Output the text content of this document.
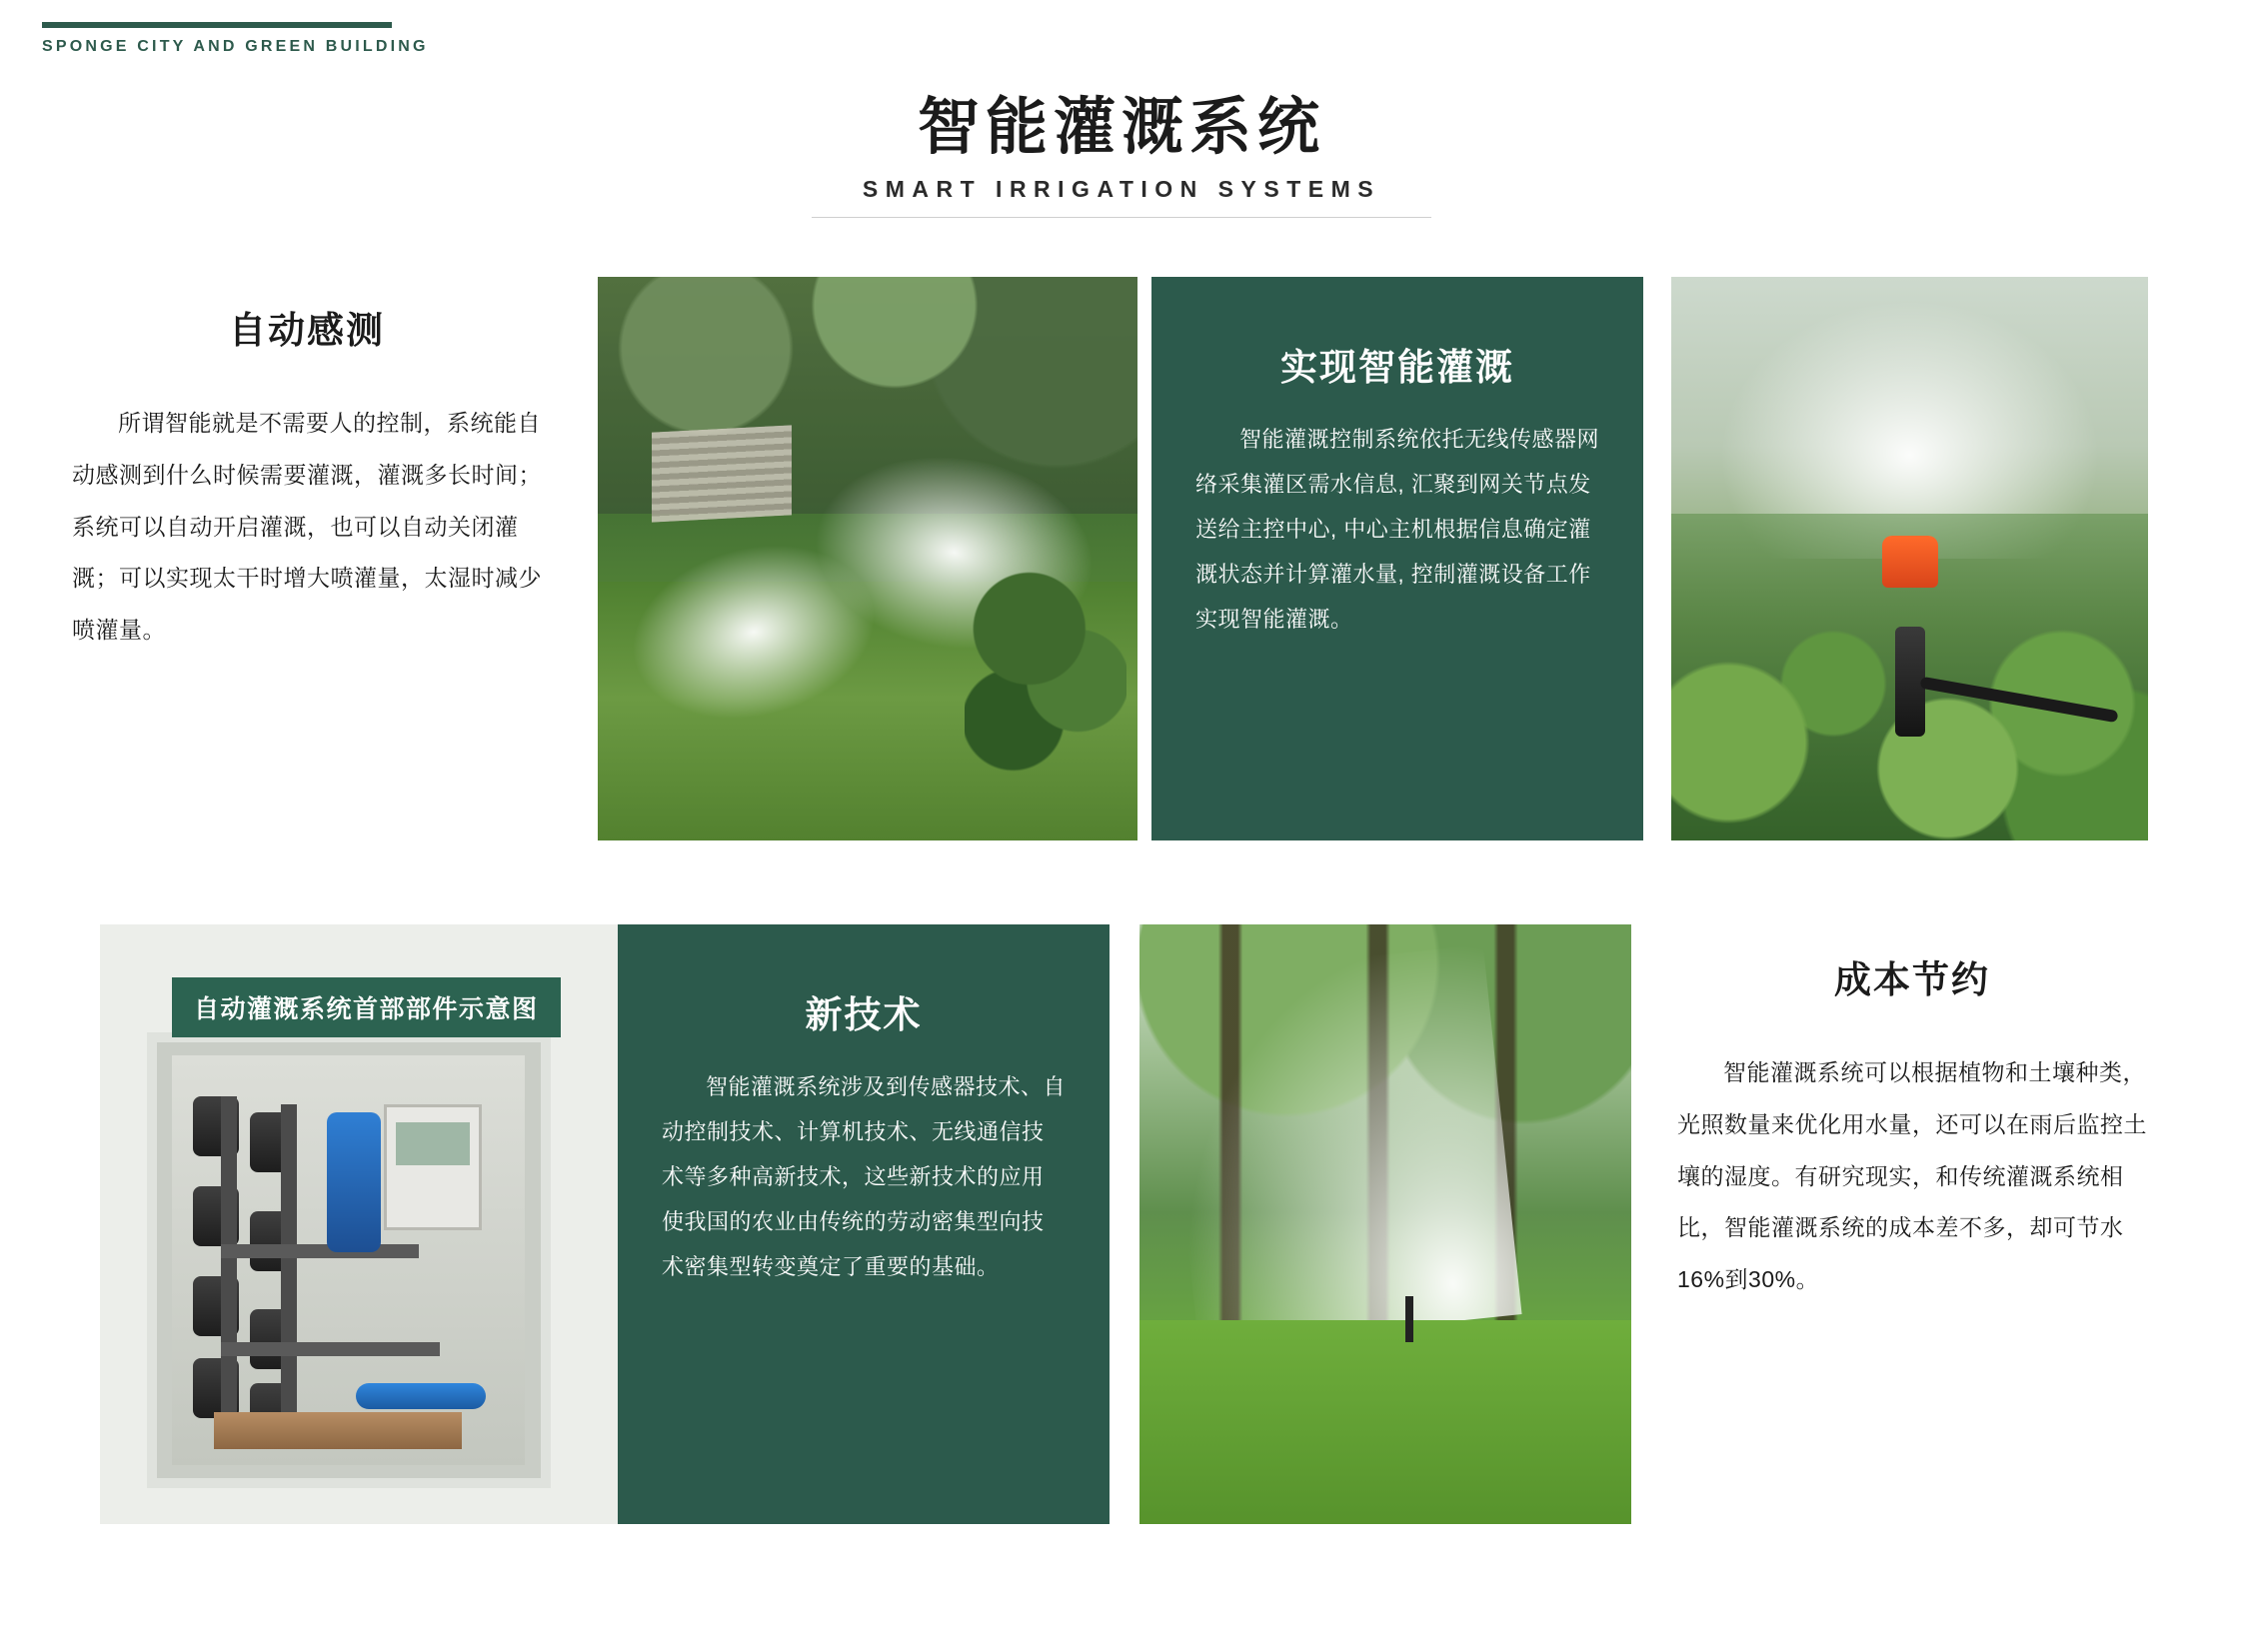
SPONGE CITY AND GREEN BUILDING
智能灌溉系统
SMART IRRIGATION SYSTEMS
自动感测

所谓智能就是不需要人的控制，系统能自动感测到什么时候需要灌溉，灌溉多长时间；系统可以自动开启灌溉，也可以自动关闭灌溉；可以实现太干时增大喷灌量，太湿时减少喷灌量。

实现智能灌溉

智能灌溉控制系统依托无线传感器网络采集灌区需水信息, 汇聚到网关节点发送给主控中心, 中心主机根据信息确定灌溉状态并计算灌水量, 控制灌溉设备工作实现智能灌溉。

自动灌溉系统首部部件示意图	新技术

智能灌溉系统涉及到传感器技术、自动控制技术、计算机技术、无线通信技术等多种高新技术，这些新技术的应用使我国的农业由传统的劳动密集型向技术密集型转变奠定了重要的基础。

成本节约

智能灌溉系统可以根据植物和土壤种类，光照数量来优化用水量，还可以在雨后监控土壤的湿度。有研究现实，和传统灌溉系统相比，智能灌溉系统的成本差不多，却可节水16%到30%。
